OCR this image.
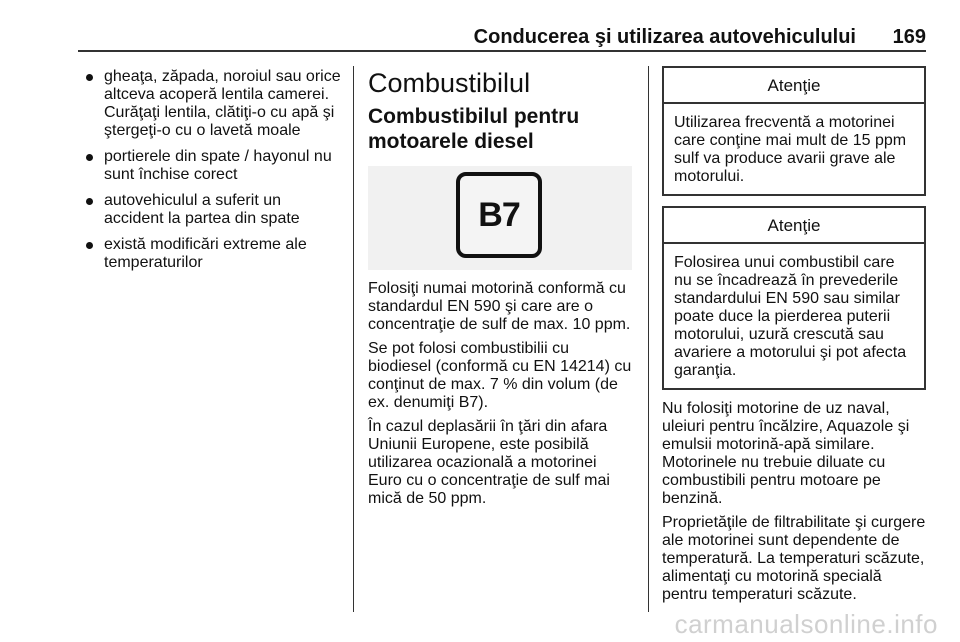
Conducerea şi utilizarea autovehiculului 169
gheaţa, zăpada, noroiul sau orice altceva acoperă lentila camerei. Curăţaţi lentila, clătiţi-o cu apă şi ştergeţi-o cu o lavetă moale
portierele din spate / hayonul nu sunt închise corect
autovehiculul a suferit un accident la partea din spate
există modificări extreme ale temperaturilor
Combustibilul
Combustibilul pentru motoarele diesel
B7

Folosiţi numai motorină conformă cu standardul EN 590 şi care are o concentraţie de sulf de max. 10 ppm.

Se pot folosi combustibilii cu biodiesel (conformă cu EN 14214) cu conţinut de max. 7 % din volum (de ex. denumiţi B7).

În cazul deplasării în ţări din afara Uniunii Europene, este posibilă utilizarea ocazională a motorinei Euro cu o concentraţie de sulf mai mică de 50 ppm.

Atenţie
Utilizarea frecventă a motorinei care conţine mai mult de 15 ppm sulf va produce avarii grave ale motorului.
Atenţie
Folosirea unui combustibil care nu se încadrează în prevederile standardului EN 590 sau similar poate duce la pierderea puterii motorului, uzură crescută sau avariere a motorului şi pot afecta garanţia.

Nu folosiţi motorine de uz naval, uleiuri pentru încălzire, Aquazole şi emulsii motorină-apă similare. Motorinele nu trebuie diluate cu combustibili pentru motoare pe benzină.

Proprietăţile de filtrabilitate şi curgere ale motorinei sunt dependente de temperatură. La temperaturi scăzute, alimentaţi cu motorină specială pentru temperaturi scăzute.

carmanualsonline.info
